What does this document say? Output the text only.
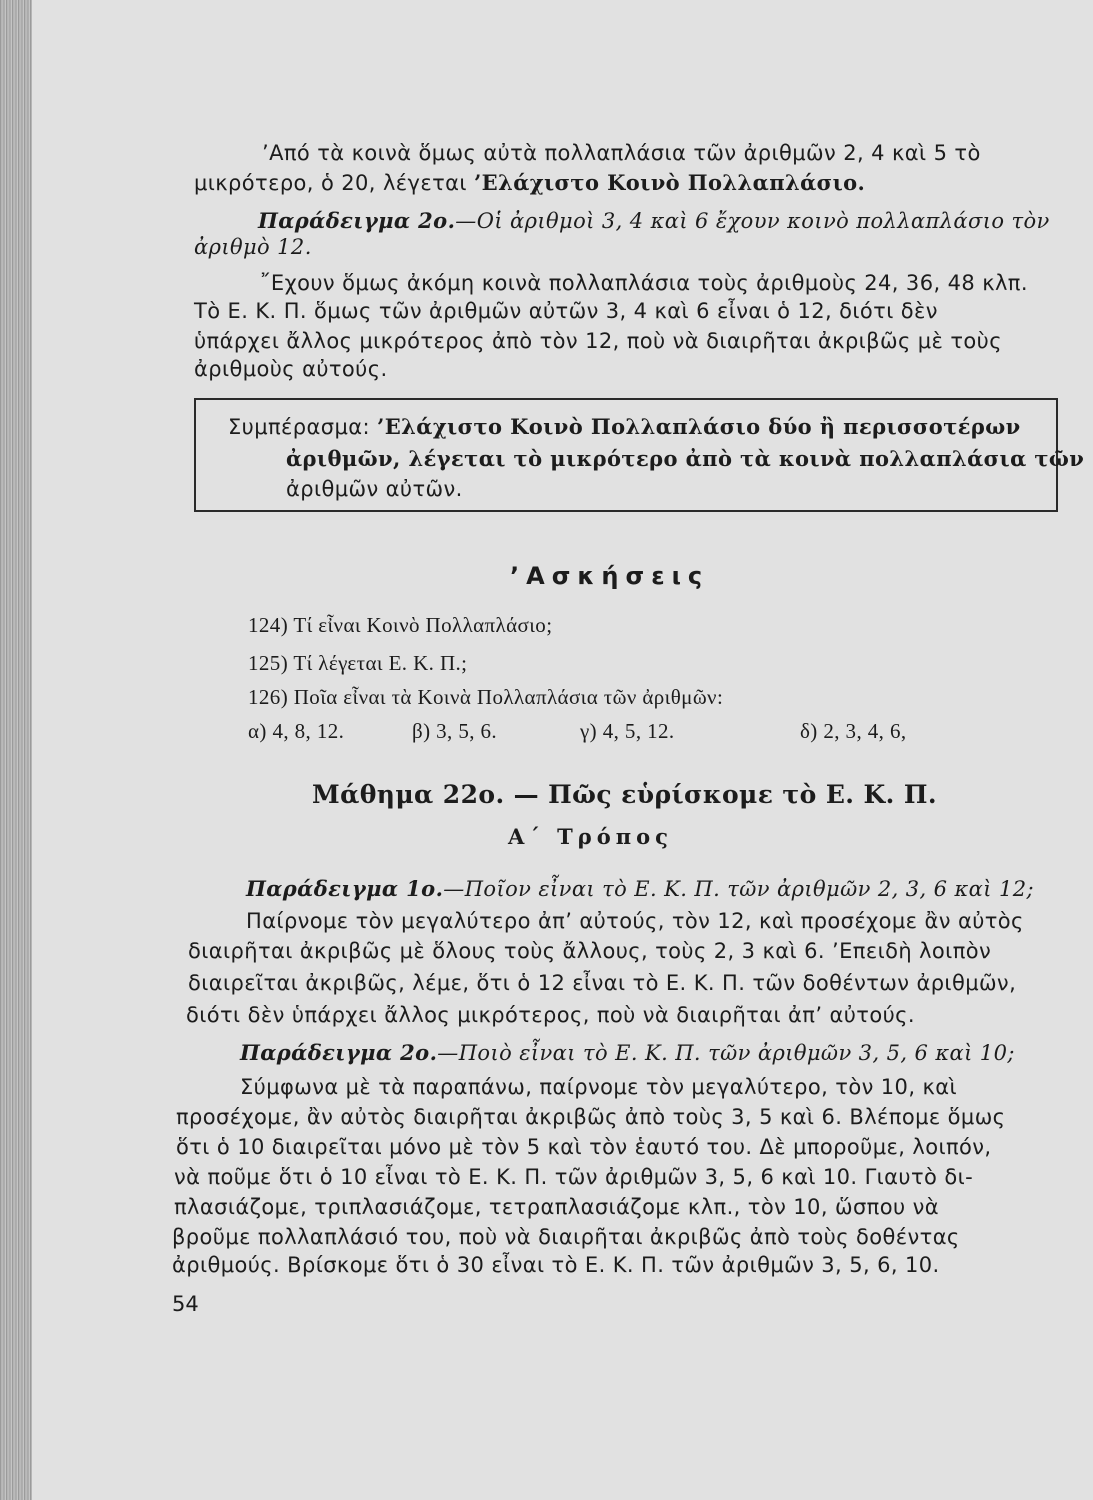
’Από τὰ κοινὰ ὅμως αὐτὰ πολλαπλάσια τῶν ἀριθμῶν 2, 4 καὶ 5 τὸ
μικρότερο, ὁ 20, λέγεται ’Ελάχιστο Κοινὸ Πολλαπλάσιο.
Παράδειγμα 2ο.—Οἱ ἀριθμοὶ 3, 4 καὶ 6 ἔχουν κοινὸ πολλαπλάσιο τὸν
ἀριθμὸ 12.
῎Εχουν ὅμως ἀκόμη κοινὰ πολλαπλάσια τοὺς ἀριθμοὺς 24, 36, 48 κλπ.
Τὸ Ε. Κ. Π. ὅμως τῶν ἀριθμῶν αὐτῶν 3, 4 καὶ 6 εἶναι ὁ 12, διότι δὲν
ὑπάρχει ἄλλος μικρότερος ἀπὸ τὸν 12, ποὺ νὰ διαιρῆται ἀκριβῶς μὲ τοὺς
ἀριθμοὺς αὐτούς.
Συμπέρασμα: ’Ελάχιστο Κοινὸ Πολλαπλάσιο δύο ἢ περισσοτέρων
ἀριθμῶν, λέγεται τὸ μικρότερο ἀπὸ τὰ κοινὰ πολλαπλάσια τῶν
ἀριθμῶν αὐτῶν.
’Ασκήσεις
124) Τί εἶναι Κοινὸ Πολλαπλάσιο;
125) Τί λέγεται Ε. Κ. Π.;
126) Ποῖα εἶναι τὰ Κοινὰ Πολλαπλάσια τῶν ἀριθμῶν:
α) 4, 8, 12.	β) 3, 5, 6.	γ) 4, 5, 12.	δ) 2, 3, 4, 6,
Μάθημα 22ο. — Πῶς εὑρίσκομε τὸ Ε. Κ. Π.
Α΄ Τρόπος
Παράδειγμα 1ο.—Ποῖον εἶναι τὸ Ε. Κ. Π. τῶν ἀριθμῶν 2, 3, 6 καὶ 12;
Παίρνομε τὸν μεγαλύτερο ἀπ’ αὐτούς, τὸν 12, καὶ προσέχομε ἂν αὐτὸς
διαιρῆται ἀκριβῶς μὲ ὅλους τοὺς ἄλλους, τοὺς 2, 3 καὶ 6. ’Επειδὴ λοιπὸν
διαιρεῖται ἀκριβῶς, λέμε, ὅτι ὁ 12 εἶναι τὸ Ε. Κ. Π. τῶν δοθέντων ἀριθμῶν,
διότι δὲν ὑπάρχει ἄλλος μικρότερος, ποὺ νὰ διαιρῆται ἀπ’ αὐτούς.
Παράδειγμα 2ο.—Ποιὸ εἶναι τὸ Ε. Κ. Π. τῶν ἀριθμῶν 3, 5, 6 καὶ 10;
Σύμφωνα μὲ τὰ παραπάνω, παίρνομε τὸν μεγαλύτερο, τὸν 10, καὶ
προσέχομε, ἂν αὐτὸς διαιρῆται ἀκριβῶς ἀπὸ τοὺς 3, 5 καὶ 6. Βλέπομε ὅμως
ὅτι ὁ 10 διαιρεῖται μόνο μὲ τὸν 5 καὶ τὸν ἑαυτό του. Δὲ μποροῦμε, λοιπόν,
νὰ ποῦμε ὅτι ὁ 10 εἶναι τὸ Ε. Κ. Π. τῶν ἀριθμῶν 3, 5, 6 καὶ 10. Γιαυτὸ δι-
πλασιάζομε, τριπλασιάζομε, τετραπλασιάζομε κλπ., τὸν 10, ὥσπου νὰ
βροῦμε πολλαπλάσιό του, ποὺ νὰ διαιρῆται ἀκριβῶς ἀπὸ τοὺς δοθέντας
ἀριθμούς. Βρίσκομε ὅτι ὁ 30 εἶναι τὸ Ε. Κ. Π. τῶν ἀριθμῶν 3, 5, 6, 10.
54
